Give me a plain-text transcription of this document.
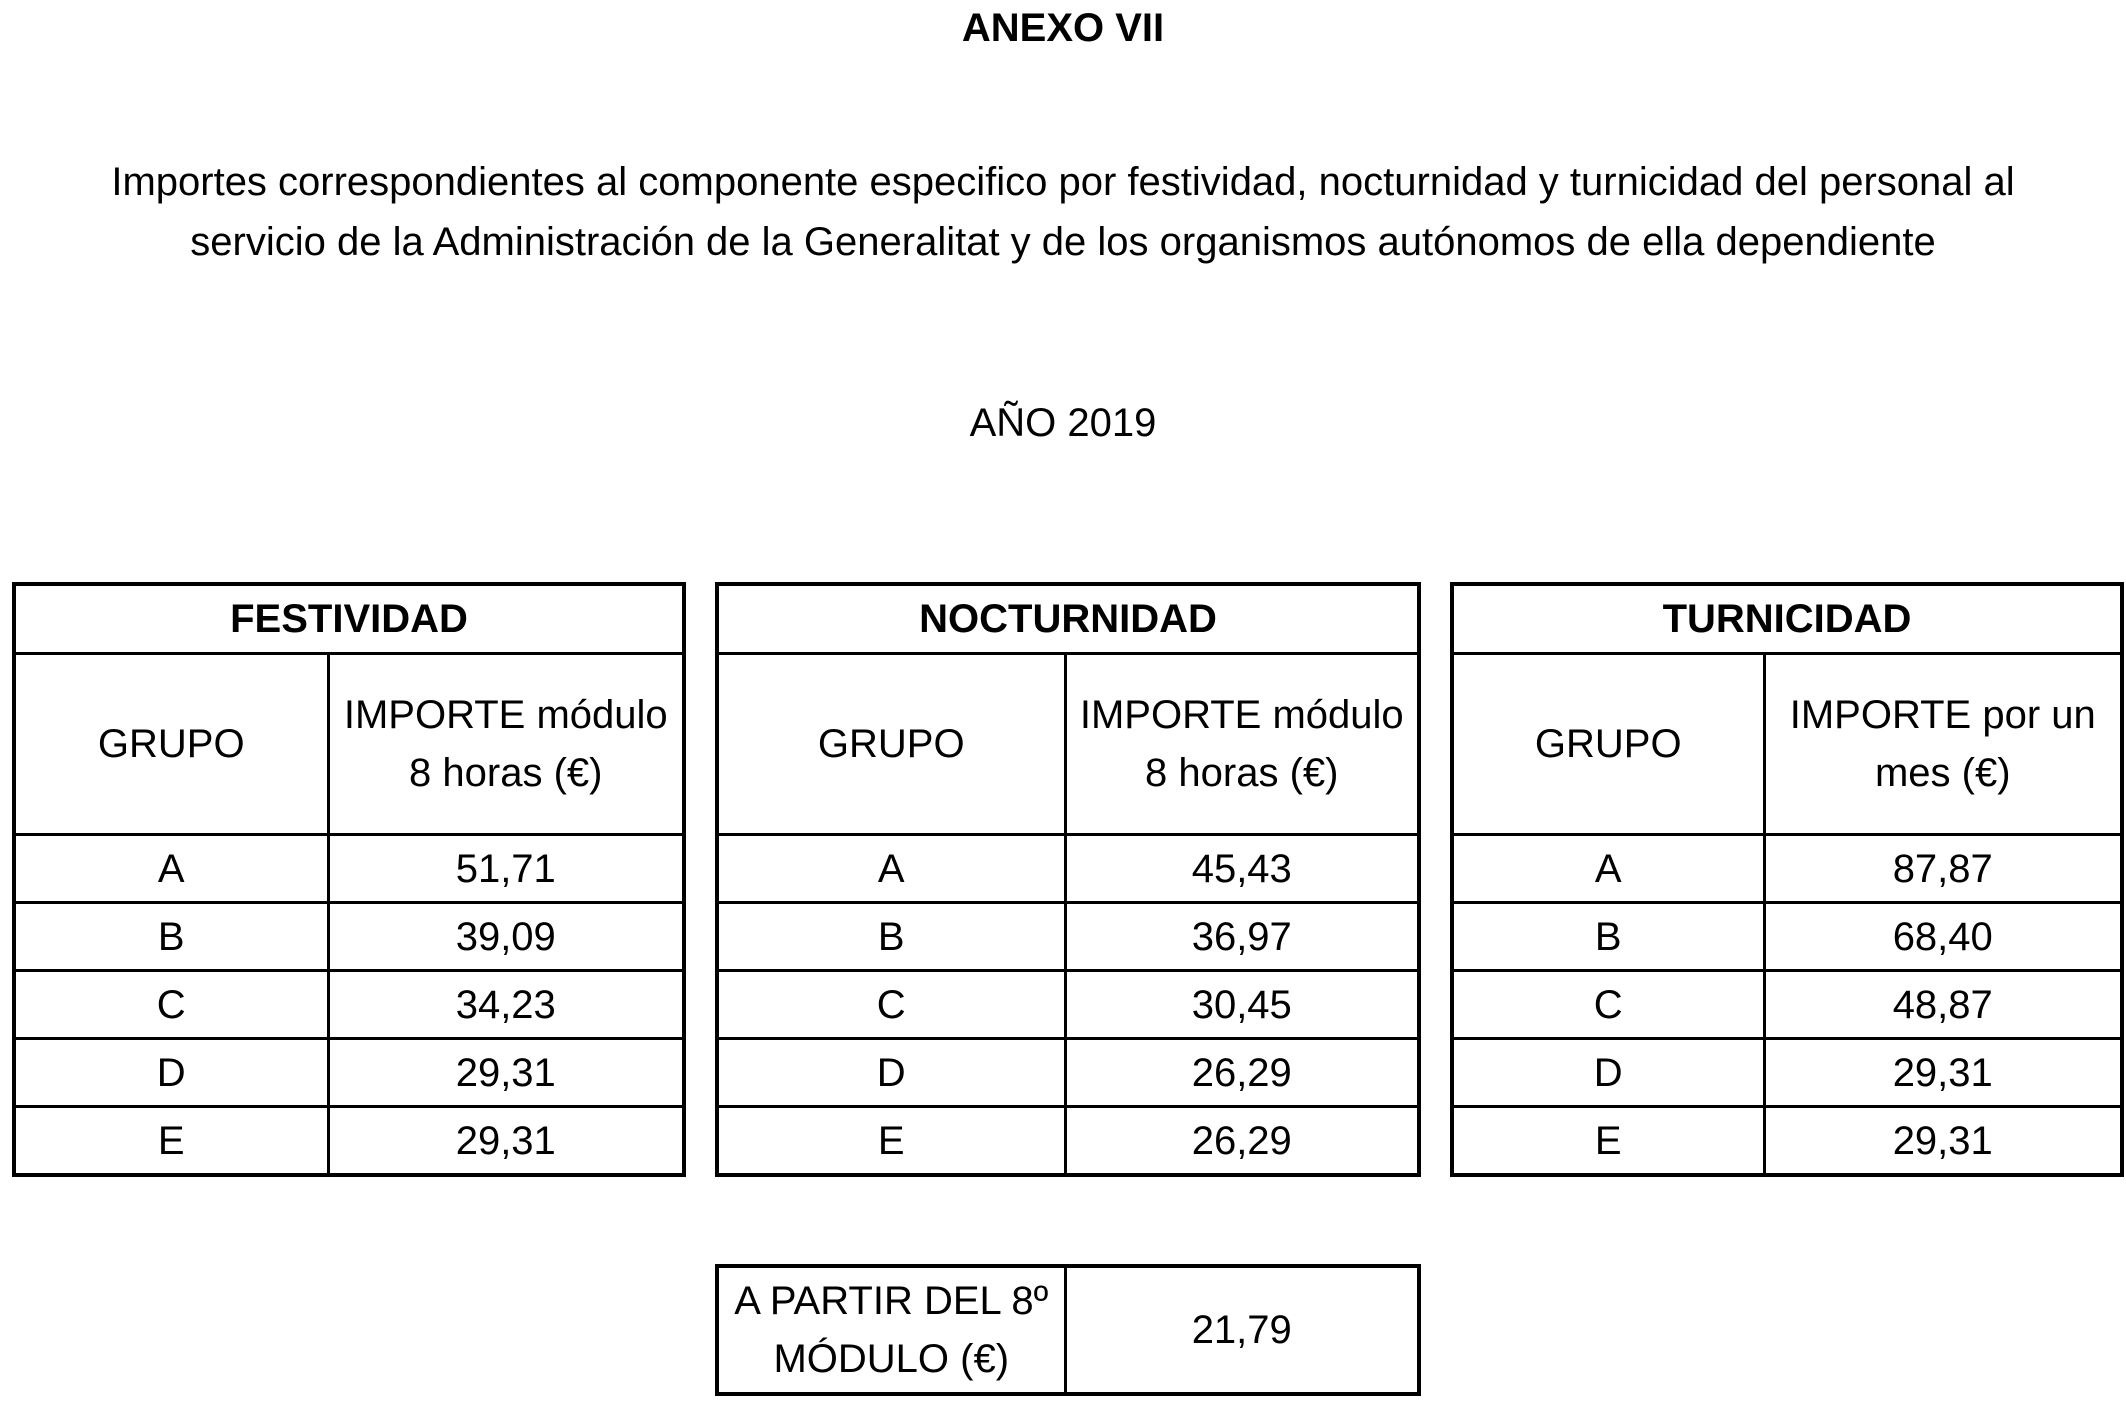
ANEXO VII
Importes correspondientes al componente especifico por festividad, nocturnidad y turnicidad del personal al servicio de la Administración de la Generalitat y de los organismos autónomos de ella dependiente
AÑO 2019
FESTIVIDAD	
GRUPO	IMPORTE módulo 8 horas (€)
A	51,71
B	39,09
C	34,23
D	29,31
E	29,31
NOCTURNIDAD	
GRUPO	IMPORTE módulo 8 horas (€)
A	45,43
B	36,97
C	30,45
D	26,29
E	26,29
TURNICIDAD	
GRUPO	IMPORTE por un mes (€)
A	87,87
B	68,40
C	48,87
D	29,31
E	29,31
A PARTIR DEL 8º MÓDULO (€)	21,79
